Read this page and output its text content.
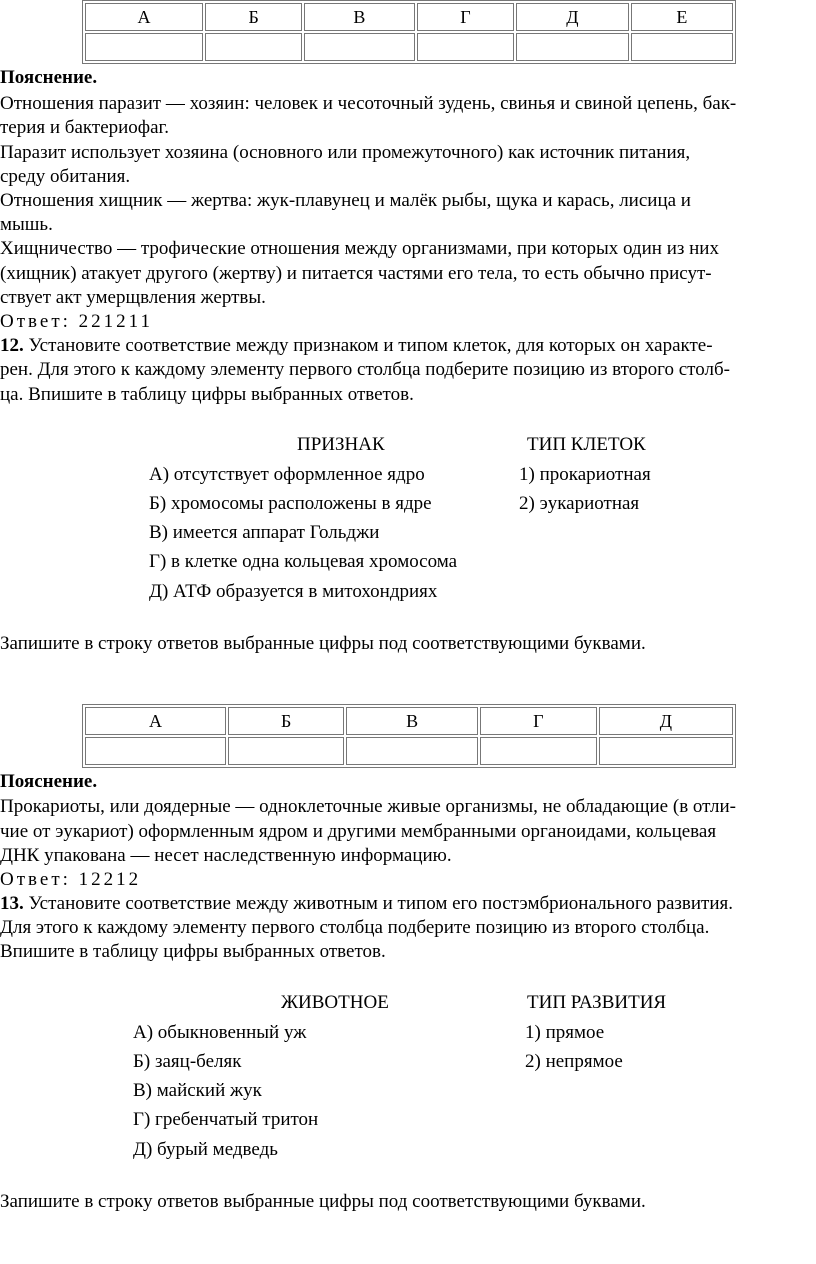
А	Б	В	Г	Д	Е

Пояснение.
Отношения паразит — хозяин: человек и чесоточный зудень, свинья и свиной цепень, бак-
терия и бактериофаг.
Паразит использует хозяина (основного или промежуточного) как источник питания,
среду обитания.
Отношения хищник — жертва: жук-плавунец и малёк рыбы, щука и карась, лисица и
мышь.
Хищничество — трофические отношения между организмами, при которых один из них
(хищник) атакует другого (жертву) и питается частями его тела, то есть обычно присут-
ствует акт умерщвления жертвы.
Ответ: 221211
12. Установите соответствие между признаком и типом клеток, для которых он характе-
рен. Для этого к каждому элементу первого столбца подберите позицию из второго столб-
ца. Впишите в таблицу цифры выбранных ответов.
ПРИЗНАК	ТИП КЛЕТОК
А) отсутствует оформленное ядро
Б) хромосомы расположены в ядре
В) имеется аппарат Гольджи
Г) в клетке одна кольцевая хромосома
Д) АТФ образуется в митохондриях
1) прокариотная
2) эукариотная
Запишите в строку ответов выбранные цифры под соответствующими буквами.
А	Б	В	Г	Д

Пояснение.
Прокариоты, или доядерные — одноклеточные живые организмы, не обладающие (в отли-
чие от эукариот) оформленным ядром и другими мембранными органоидами, кольцевая
ДНК упакована — несет наследственную информацию.
Ответ: 12212
13. Установите соответствие между животным и типом его постэмбрионального развития.
Для этого к каждому элементу первого столбца подберите позицию из второго столбца.
Впишите в таблицу цифры выбранных ответов.
ЖИВОТНОЕ	ТИП РАЗВИТИЯ
А) обыкновенный уж
Б) заяц-беляк
В) майский жук
Г) гребенчатый тритон
Д) бурый медведь
1) прямое
2) непрямое
Запишите в строку ответов выбранные цифры под соответствующими буквами.
